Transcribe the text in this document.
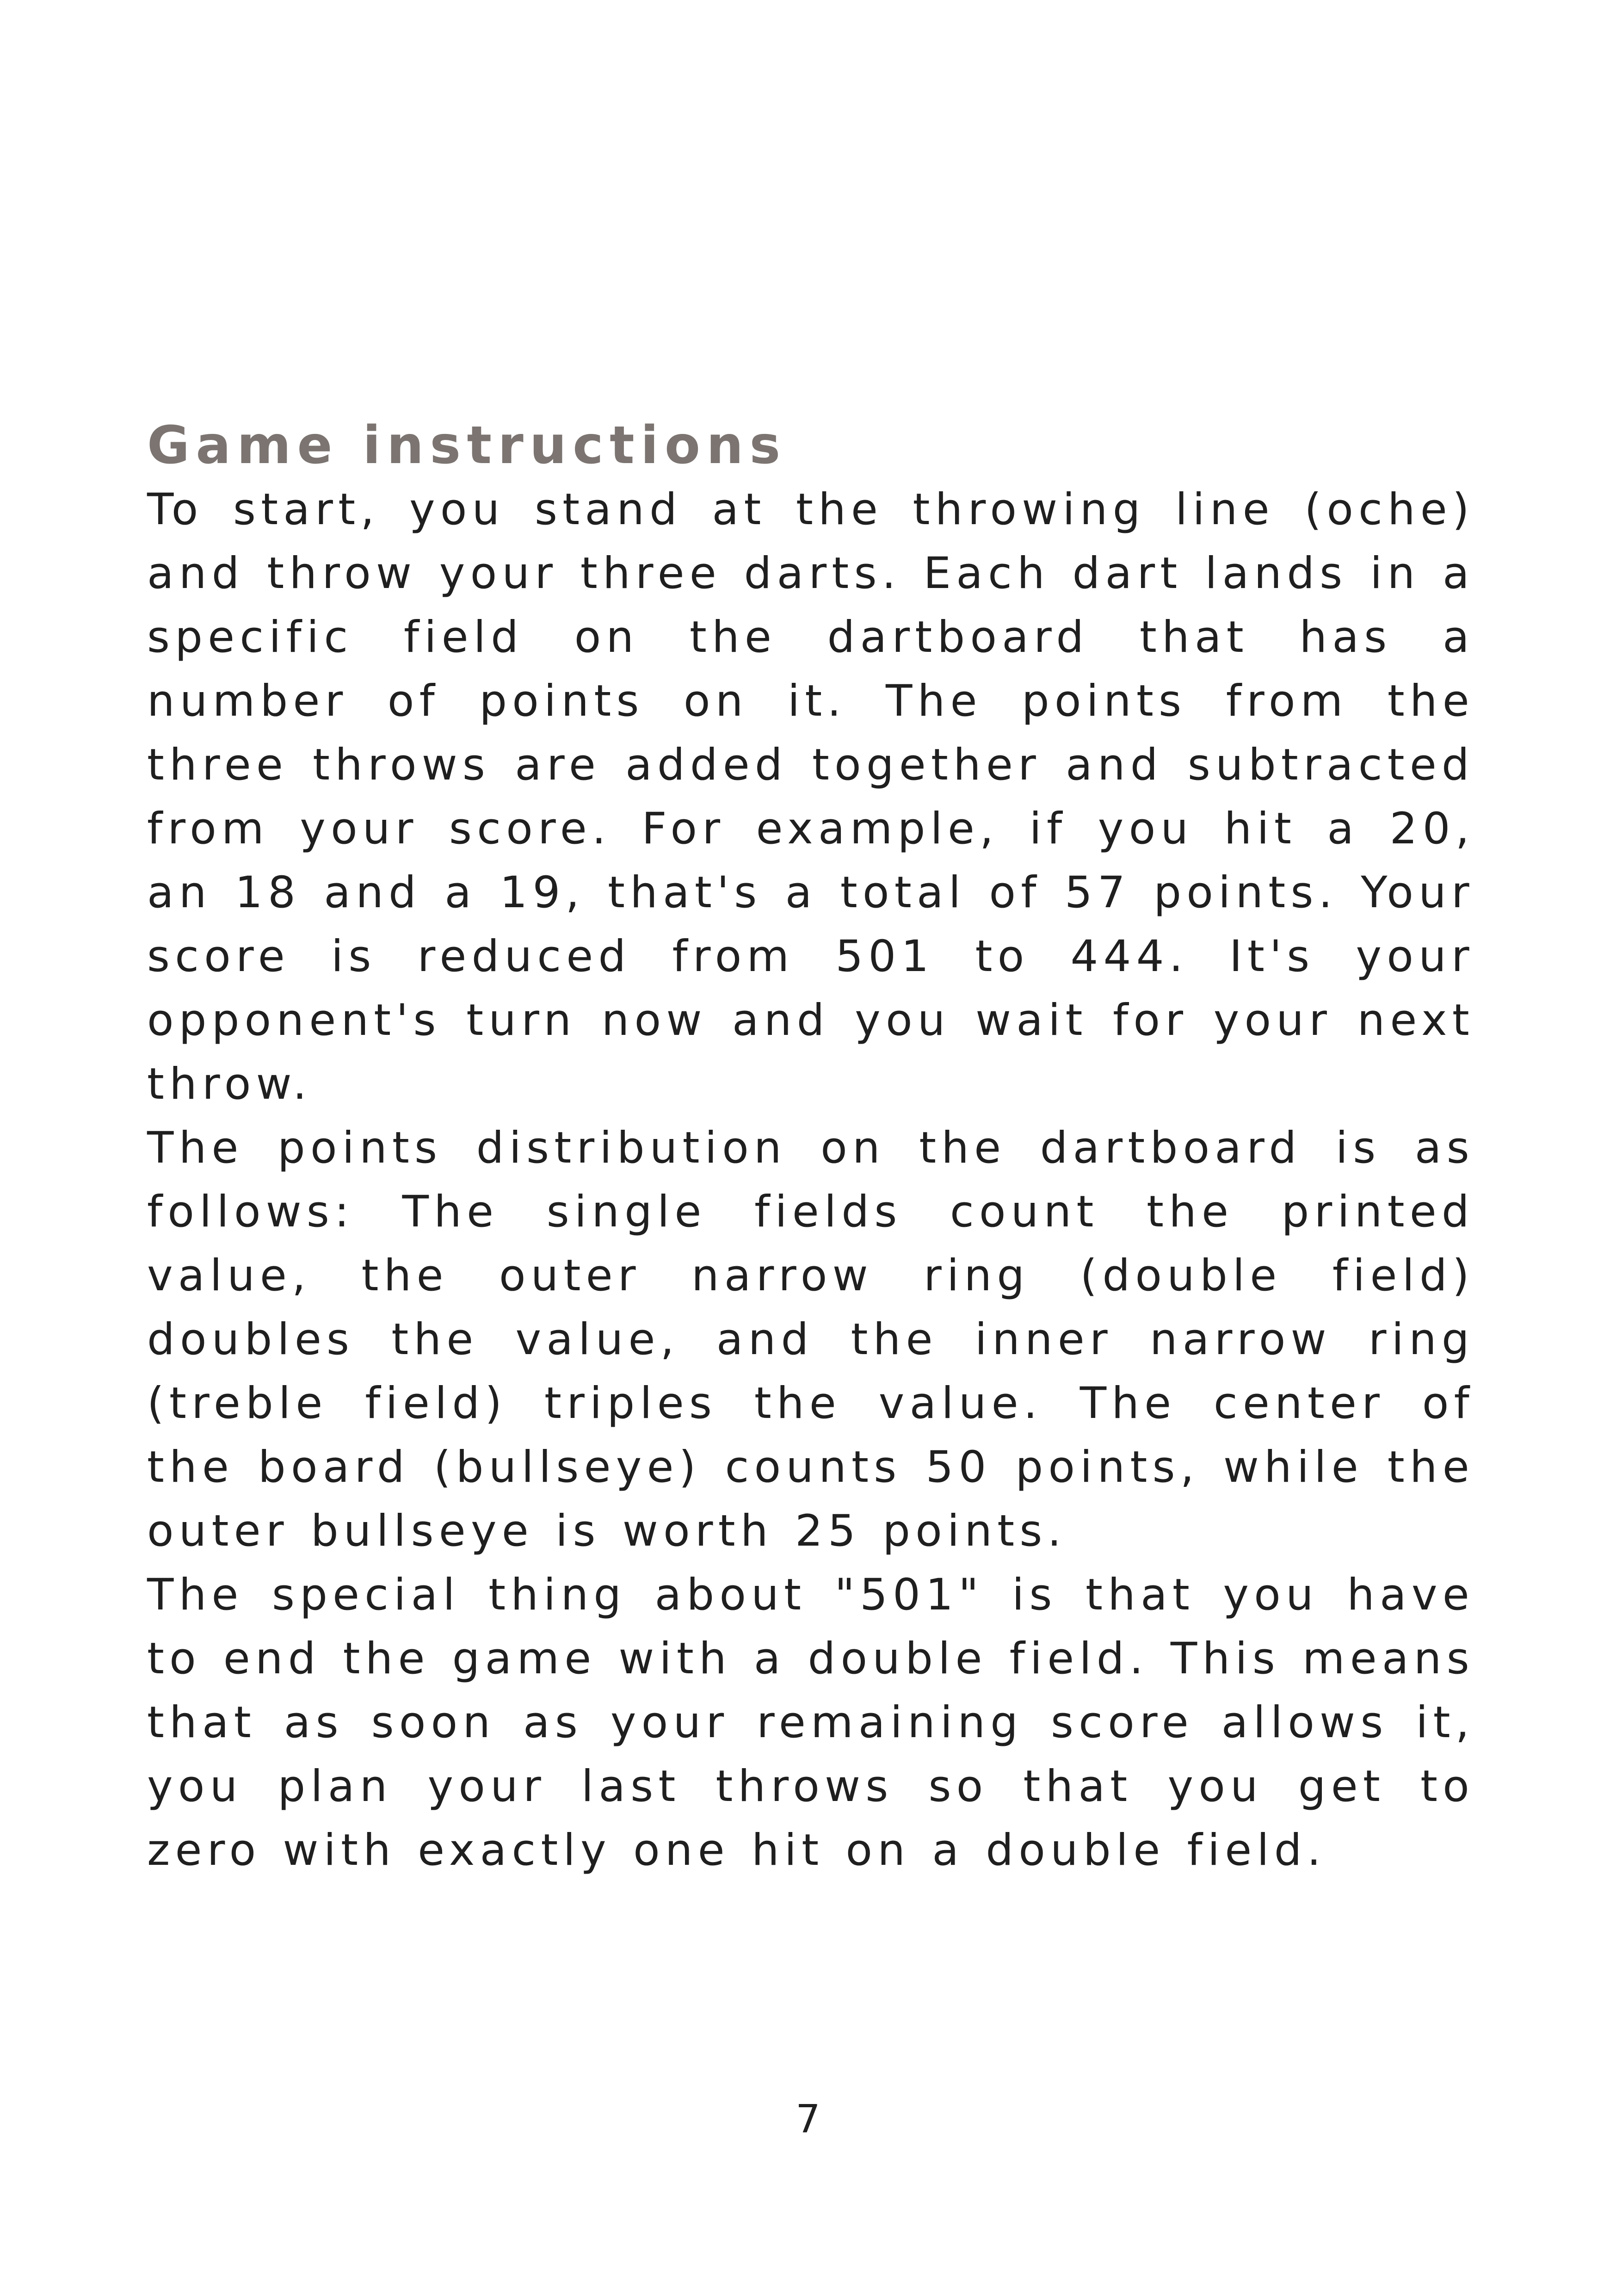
Game instructions

To start, you stand at the throwing line (oche) and throw your three darts. Each dart lands in a specific field on the dartboard that has a number of points on it. The points from the three throws are added together and subtracted from your score. For example, if you hit a 20, an 18 and a 19, that's a total of 57 points. Your score is reduced from 501 to 444. It's your opponent's turn now and you wait for your next throw.

The points distribution on the dartboard is as follows: The single fields count the printed value, the outer narrow ring (double field) doubles the value, and the inner narrow ring (treble field) triples the value. The center of the board (bullseye) counts 50 points, while the outer bullseye is worth 25 points.

The special thing about "501" is that you have to end the game with a double field. This means that as soon as your remaining score allows it, you plan your last throws so that you get to zero with exactly one hit on a double field.

7
